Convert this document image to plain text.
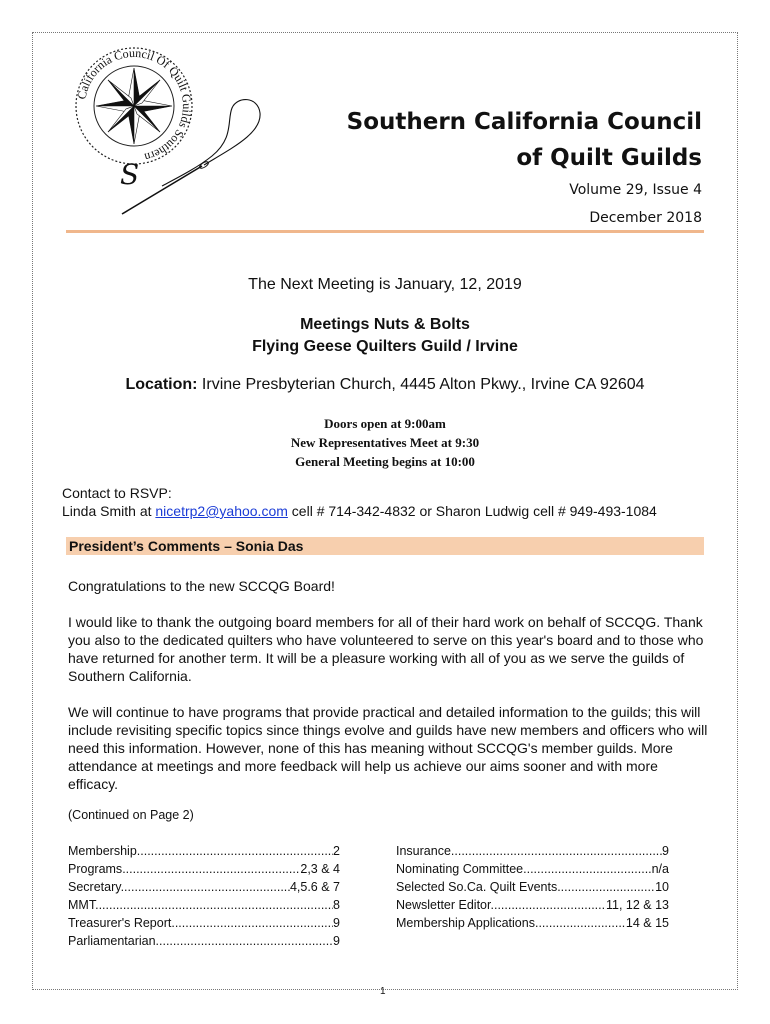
California Council Of Quilt Guilds Southern
S
Southern California Council
of Quilt Guilds
Volume 29, Issue 4
December 2018
The Next Meeting is January, 12, 2019
Meetings Nuts & Bolts
Flying Geese Quilters Guild / Irvine
Location: Irvine Presbyterian Church, 4445 Alton Pkwy., Irvine CA 92604
Doors open at 9:00am
New Representatives Meet at 9:30
General Meeting begins at 10:00
Contact to RSVP:
Linda Smith at nicetrp2@yahoo.com cell # 714-342-4832 or Sharon Ludwig cell # 949-493-1084
President’s Comments – Sonia Das
Congratulations to the new SCCQG Board!
I would like to thank the outgoing board members for all of their hard work on behalf of SCCQG. Thank you also to the dedicated quilters who have volunteered to serve on this year's board and to those who have returned for another term. It will be a pleasure working with all of you as we serve the guilds of Southern California.
We will continue to have programs that provide practical and detailed information to the guilds; this will include revisiting specific topics since things evolve and guilds have new members and officers who will need this information. However, none of this has meaning without SCCQG's member guilds. More attendance at meetings and more feedback will help us achieve our aims sooner and with more efficacy.
(Continued on Page 2)
Membership. .....	2
Programs .....	2,3 & 4
Secretary. .....	4,5.6 & 7
MMT. .....	8
Treasurer's Report .....	9
Parliamentarian. .....	9
Insurance. .....	9
Nominating Committee. .....	n/a
Selected So.Ca. Quilt Events. .....	10
Newsletter Editor. .....	11, 12 & 13
Membership Applications. .....	14 & 15
1
